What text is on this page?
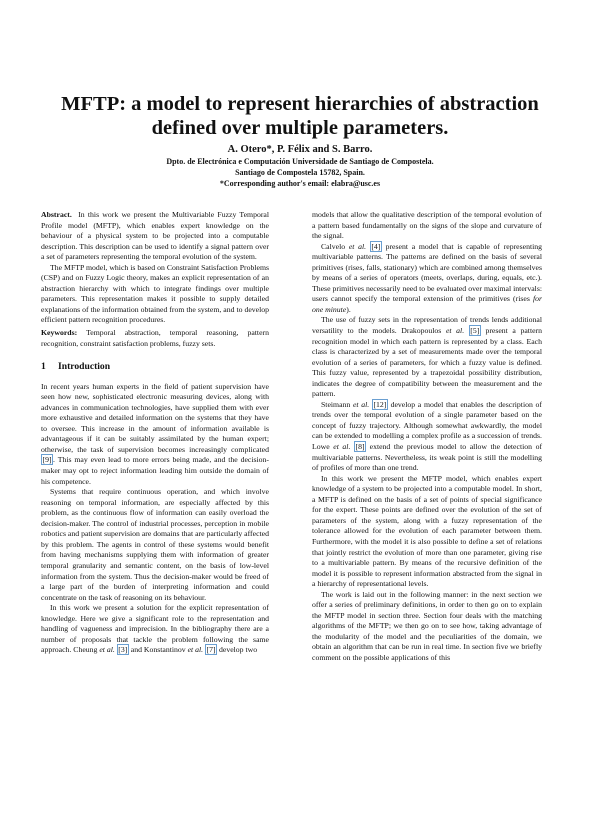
MFTP: a model to represent hierarchies of abstraction
defined over multiple parameters.
A. Otero*, P. Félix and S. Barro.
Dpto. de Electrónica e Computación Universidade de Santiago de Compostela.
Santiago de Compostela 15782, Spain.
*Corresponding author's email: elabra@usc.es

Abstract. In this work we present the Multivariable Fuzzy Temporal Profile model (MFTP), which enables expert knowledge on the behaviour of a physical system to be projected into a computable description. This description can be used to identify a signal pattern over a set of parameters representing the temporal evolution of the system.

The MFTP model, which is based on Constraint Satisfaction Problems (CSP) and on Fuzzy Logic theory, makes an explicit representation of an abstraction hierarchy with which to integrate findings over multiple parameters. This representation makes it possible to supply detailed explanations of the information obtained from the system, and to develop efficient pattern recognition procedures.

Keywords: Temporal abstraction, temporal reasoning, pattern recognition, constraint satisfaction problems, fuzzy sets.

1 Introduction

In recent years human experts in the field of patient supervision have seen how new, sophisticated electronic measuring devices, along with advances in communication technologies, have supplied them with ever more exhaustive and detailed information on the systems that they have to oversee. This increase in the amount of information available is advantageous if it can be suitably assimilated by the human expert; otherwise, the task of supervision becomes increasingly complicated [9] . This may even lead to more errors being made, and the decision-maker may opt to reject information leading him outside the domain of his competence.

Systems that require continuous operation, and which involve reasoning on temporal information, are especially affected by this problem, as the continuous flow of information can easily overload the decision-maker. The control of industrial processes, perception in mobile robotics and patient supervision are domains that are particularly affected by this problem. The agents in control of these systems would benefit from having mechanisms supplying them with information of greater temporal granularity and semantic content, on the basis of low-level information from the system. Thus the decision-maker would be freed of a large part of the burden of interpreting information and could concentrate on the task of reasoning on its behaviour.

In this work we present a solution for the explicit representation of knowledge. Here we give a significant role to the representation and handling of vagueness and imprecision. In the bibliography there are a number of proposals that tackle the problem following the same approach. Cheung et al. [3] and Konstantinov et al. [7] develop two

models that allow the qualitative description of the temporal evolution of a pattern based fundamentally on the signs of the slope and curvature of the signal.

Calvelo et al. [4] present a model that is capable of representing multivariable patterns. The patterns are defined on the basis of several primitives (rises, falls, stationary) which are combined among themselves by means of a series of operators (meets, overlaps, during, equals, etc.). These primitives necessarily need to be evaluated over maximal intervals: users cannot specify the temporal extension of the primitives (rises for one minute).

The use of fuzzy sets in the representation of trends lends additional versatility to the models. Drakopoulos et al. [5] present a pattern recognition model in which each pattern is represented by a class. Each class is characterized by a set of measurements made over the temporal evolution of a series of parameters, for which a fuzzy value is defined. This fuzzy value, represented by a trapezoidal possibility distribution, indicates the degree of compatibility between the measurement and the pattern.

Steimann et al. [12] develop a model that enables the description of trends over the temporal evolution of a single parameter based on the concept of fuzzy trajectory. Although somewhat awkwardly, the model can be extended to modelling a complex profile as a succession of trends. Lowe et al. [8] extend the previous model to allow the detection of multivariable patterns. Nevertheless, its weak point is still the modelling of profiles of more than one trend.

In this work we present the MFTP model, which enables expert knowledge of a system to be projected into a computable model. In short, a MFTP is defined on the basis of a set of points of special significance for the expert. These points are defined over the evolution of the set of parameters of the system, along with a fuzzy representation of the tolerance allowed for the evolution of each parameter between them. Furthermore, with the model it is also possible to define a set of relations that jointly restrict the evolution of more than one parameter, giving rise to a multivariable pattern. By means of the recursive definition of the model it is possible to represent information abstracted from the signal in a hierarchy of representational levels.

The work is laid out in the following manner: in the next section we offer a series of preliminary definitions, in order to then go on to explain the MFTP model in section three. Section four deals with the matching algorithms of the MFTP; we then go on to see how, taking advantage of the modularity of the model and the peculiarities of the domain, we obtain an algorithm that can be run in real time. In section five we briefly comment on the possible applications of this
